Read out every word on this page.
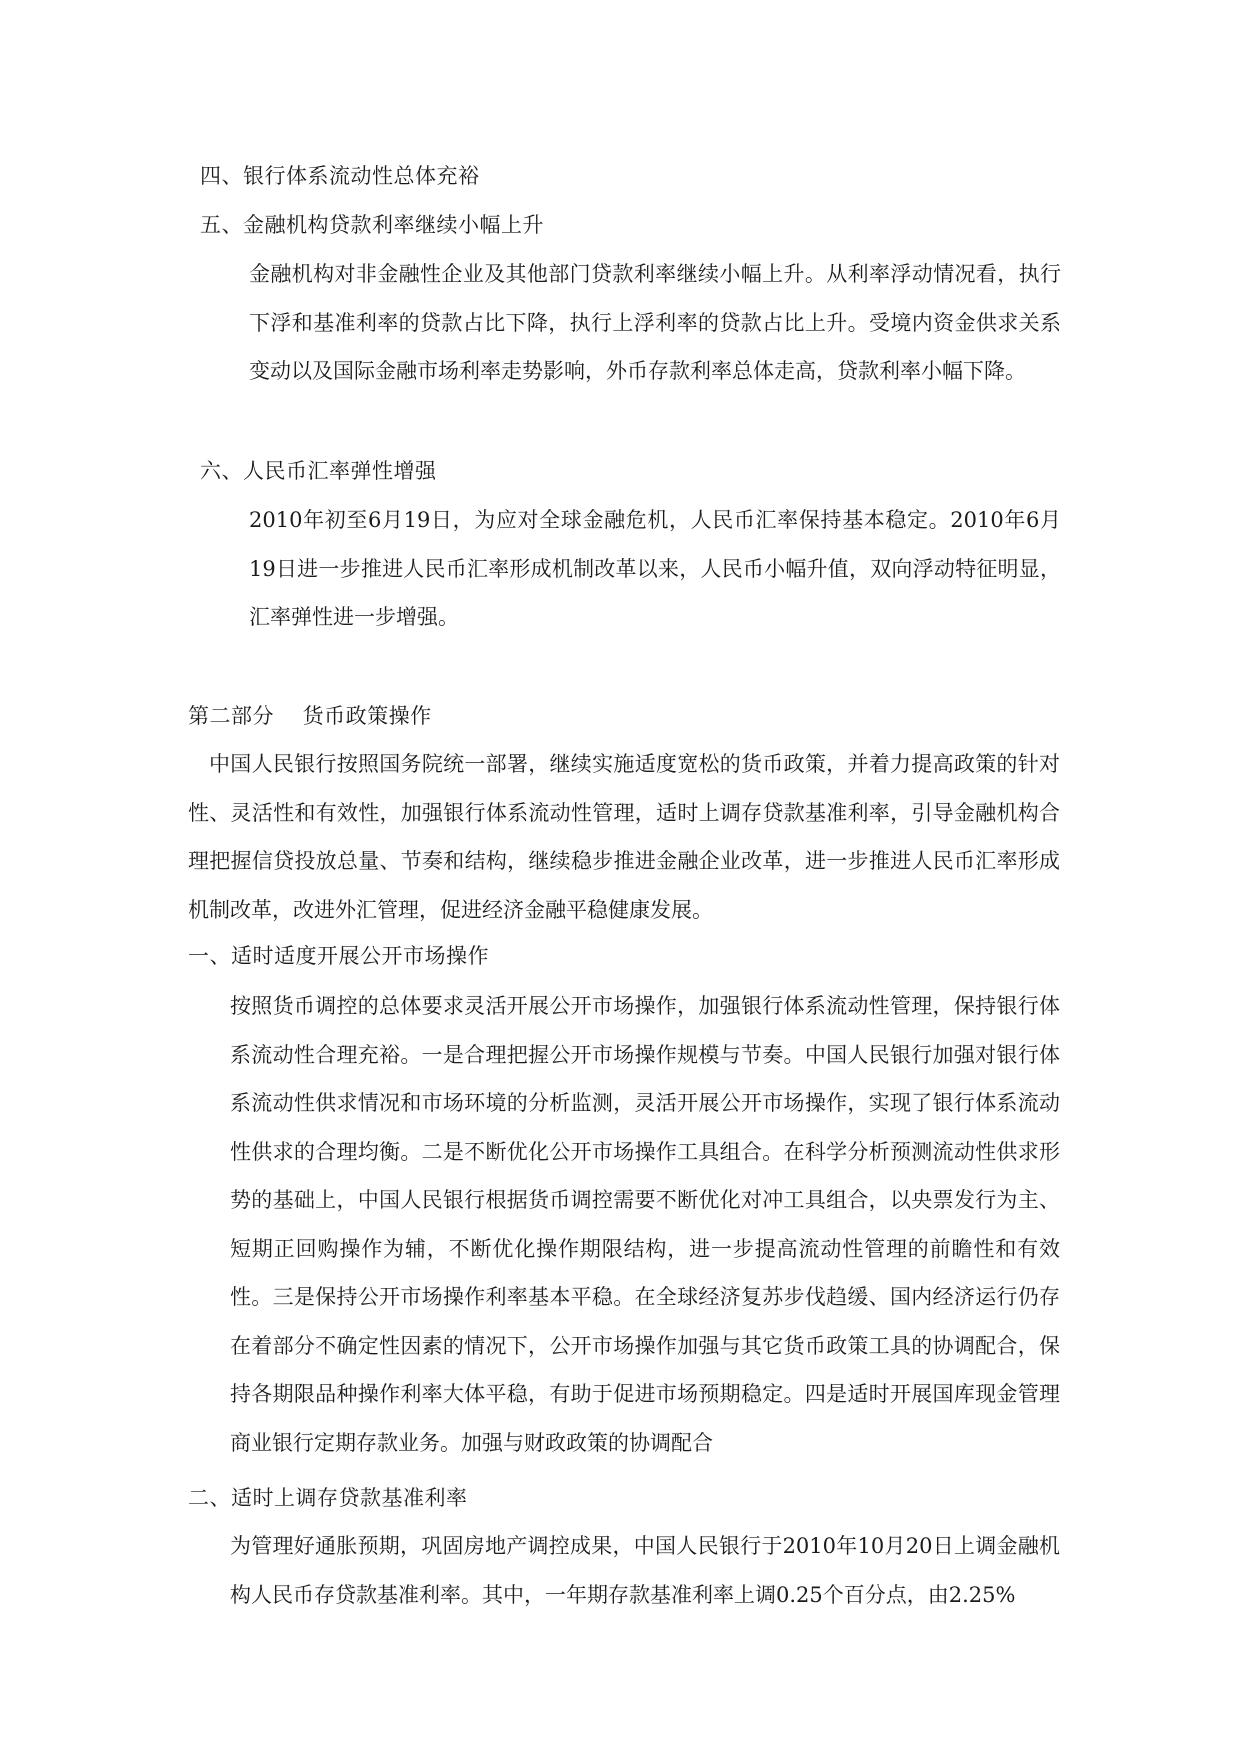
四、银行体系流动性总体充裕
五、金融机构贷款利率继续小幅上升
金融机构对非金融性企业及其他部门贷款利率继续小幅上升。从利率浮动情况看，执行下浮和基准利率的贷款占比下降，执行上浮利率的贷款占比上升。受境内资金供求关系变动以及国际金融市场利率走势影响，外币存款利率总体走高，贷款利率小幅下降。
六、人民币汇率弹性增强
2010年初至6月19日，为应对全球金融危机，人民币汇率保持基本稳定。2010年6月19日进一步推进人民币汇率形成机制改革以来，人民币小幅升值，双向浮动特征明显，汇率弹性进一步增强。
第二部分　 货币政策操作
中国人民银行按照国务院统一部署，继续实施适度宽松的货币政策，并着力提高政策的针对性、灵活性和有效性，加强银行体系流动性管理，适时上调存贷款基准利率，引导金融机构合理把握信贷投放总量、节奏和结构，继续稳步推进金融企业改革，进一步推进人民币汇率形成机制改革，改进外汇管理，促进经济金融平稳健康发展。
一、适时适度开展公开市场操作
按照货币调控的总体要求灵活开展公开市场操作，加强银行体系流动性管理，保持银行体系流动性合理充裕。一是合理把握公开市场操作规模与节奏。中国人民银行加强对银行体系流动性供求情况和市场环境的分析监测，灵活开展公开市场操作，实现了银行体系流动性供求的合理均衡。二是不断优化公开市场操作工具组合。在科学分析预测流动性供求形势的基础上，中国人民银行根据货币调控需要不断优化对冲工具组合，以央票发行为主、短期正回购操作为辅，不断优化操作期限结构，进一步提高流动性管理的前瞻性和有效性。三是保持公开市场操作利率基本平稳。在全球经济复苏步伐趋缓、国内经济运行仍存在着部分不确定性因素的情况下，公开市场操作加强与其它货币政策工具的协调配合，保持各期限品种操作利率大体平稳，有助于促进市场预期稳定。四是适时开展国库现金管理商业银行定期存款业务。加强与财政政策的协调配合
二、适时上调存贷款基准利率
为管理好通胀预期，巩固房地产调控成果，中国人民银行于2010年10月20日上调金融机构人民币存贷款基准利率。其中，一年期存款基准利率上调0.25个百分点，由2.25%
